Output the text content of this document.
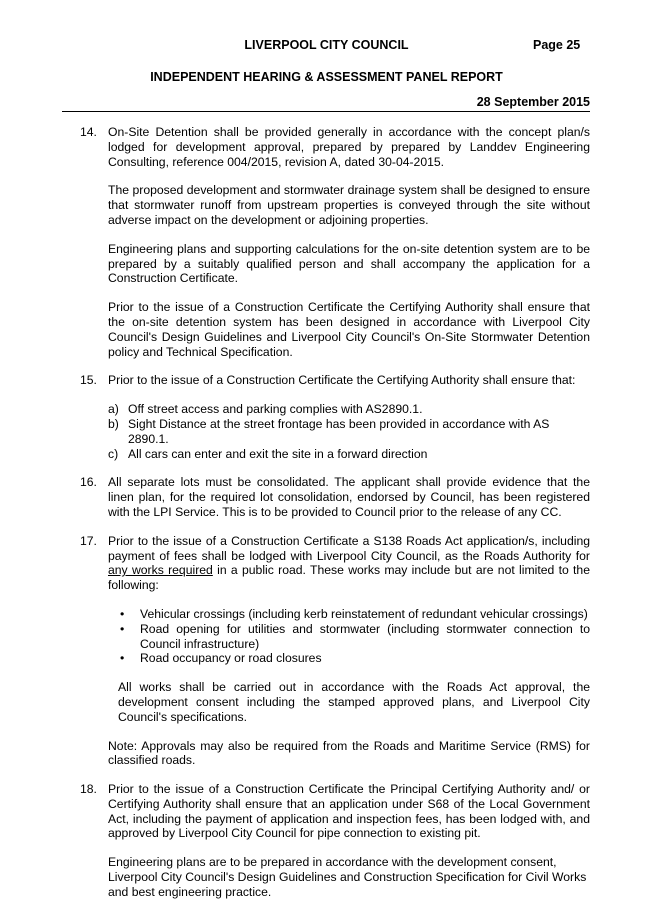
LIVERPOOL CITY COUNCIL	Page 25
INDEPENDENT HEARING & ASSESSMENT PANEL REPORT
28 September 2015
14. On-Site Detention shall be provided generally in accordance with the concept plan/s lodged for development approval, prepared by prepared by Landdev Engineering Consulting, reference 004/2015, revision A, dated 30-04-2015.

The proposed development and stormwater drainage system shall be designed to ensure that stormwater runoff from upstream properties is conveyed through the site without adverse impact on the development or adjoining properties.

Engineering plans and supporting calculations for the on-site detention system are to be prepared by a suitably qualified person and shall accompany the application for a Construction Certificate.

Prior to the issue of a Construction Certificate the Certifying Authority shall ensure that the on-site detention system has been designed in accordance with Liverpool City Council's Design Guidelines and Liverpool City Council's On-Site Stormwater Detention policy and Technical Specification.

15. Prior to the issue of a Construction Certificate the Certifying Authority shall ensure that:

a) Off street access and parking complies with AS2890.1.
b) Sight Distance at the street frontage has been provided in accordance with AS 2890.1.
c) All cars can enter and exit the site in a forward direction
16. All separate lots must be consolidated. The applicant shall provide evidence that the linen plan, for the required lot consolidation, endorsed by Council, has been registered with the LPI Service. This is to be provided to Council prior to the release of any CC.

17. Prior to the issue of a Construction Certificate a S138 Roads Act application/s, including payment of fees shall be lodged with Liverpool City Council, as the Roads Authority for any works required in a public road. These works may include but are not limited to the following:

• Vehicular crossings (including kerb reinstatement of redundant vehicular crossings)
• Road opening for utilities and stormwater (including stormwater connection to Council infrastructure)
• Road occupancy or road closures

All works shall be carried out in accordance with the Roads Act approval, the development consent including the stamped approved plans, and Liverpool City Council's specifications.

Note: Approvals may also be required from the Roads and Maritime Service (RMS) for classified roads.

18. Prior to the issue of a Construction Certificate the Principal Certifying Authority and/ or Certifying Authority shall ensure that an application under S68 of the Local Government Act, including the payment of application and inspection fees, has been lodged with, and approved by Liverpool City Council for pipe connection to existing pit.

Engineering plans are to be prepared in accordance with the development consent, Liverpool City Council's Design Guidelines and Construction Specification for Civil Works and best engineering practice.
